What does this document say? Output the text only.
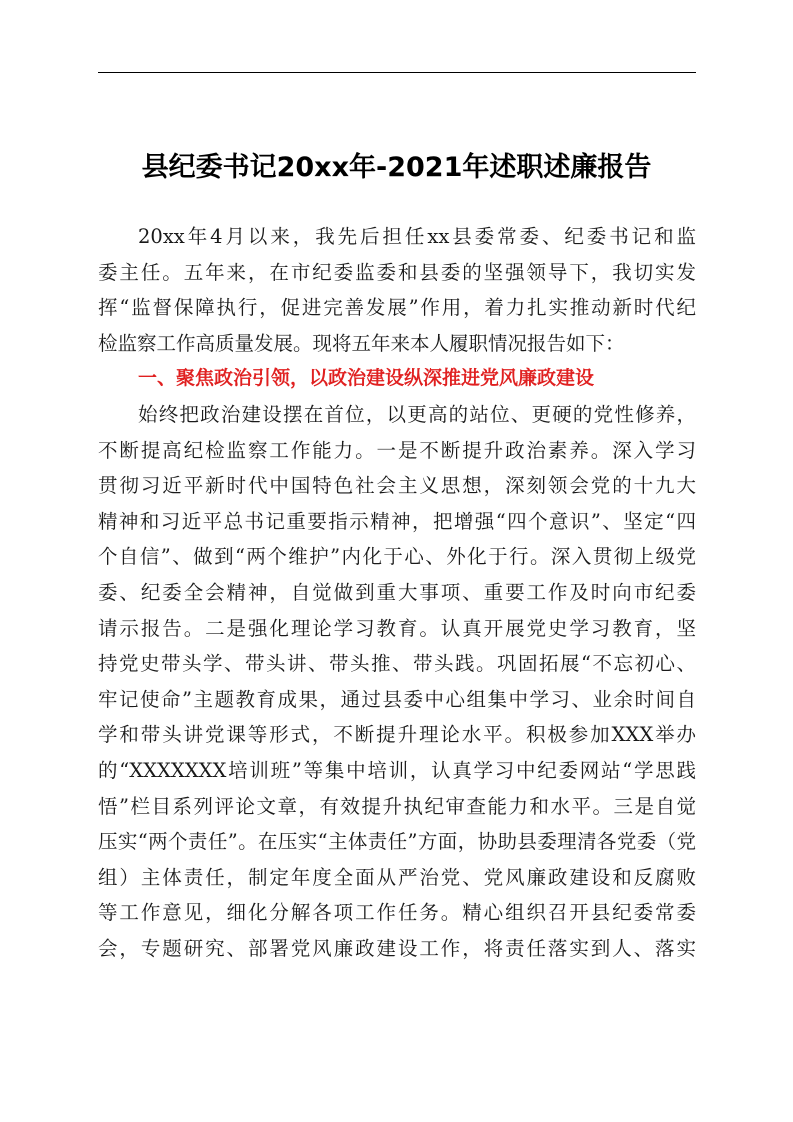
县纪委书记20xx年-2021年述职述廉报告
20xx年4月以来，我先后担任xx县委常委、纪委书记和监
委主任。五年来，在市纪委监委和县委的坚强领导下，我切实发
挥“监督保障执行，促进完善发展”作用，着力扎实推动新时代纪
检监察工作高质量发展。现将五年来本人履职情况报告如下：
一、聚焦政治引领，以政治建设纵深推进党风廉政建设
始终把政治建设摆在首位，以更高的站位、更硬的党性修养，
不断提高纪检监察工作能力。一是不断提升政治素养。深入学习
贯彻习近平新时代中国特色社会主义思想，深刻领会党的十九大
精神和习近平总书记重要指示精神，把增强“四个意识”、坚定“四
个自信”、做到“两个维护”内化于心、外化于行。深入贯彻上级党
委、纪委全会精神，自觉做到重大事项、重要工作及时向市纪委
请示报告。二是强化理论学习教育。认真开展党史学习教育，坚
持党史带头学、带头讲、带头推、带头践。巩固拓展“不忘初心、
牢记使命”主题教育成果，通过县委中心组集中学习、业余时间自
学和带头讲党课等形式，不断提升理论水平。积极参加XXX举办
的“XXXXXXX培训班”等集中培训，认真学习中纪委网站“学思践
悟”栏目系列评论文章，有效提升执纪审查能力和水平。三是自觉
压实“两个责任”。在压实“主体责任”方面，协助县委理清各党委（党
组）主体责任，制定年度全面从严治党、党风廉政建设和反腐败
等工作意见，细化分解各项工作任务。精心组织召开县纪委常委
会，专题研究、部署党风廉政建设工作，将责任落实到人、落实
